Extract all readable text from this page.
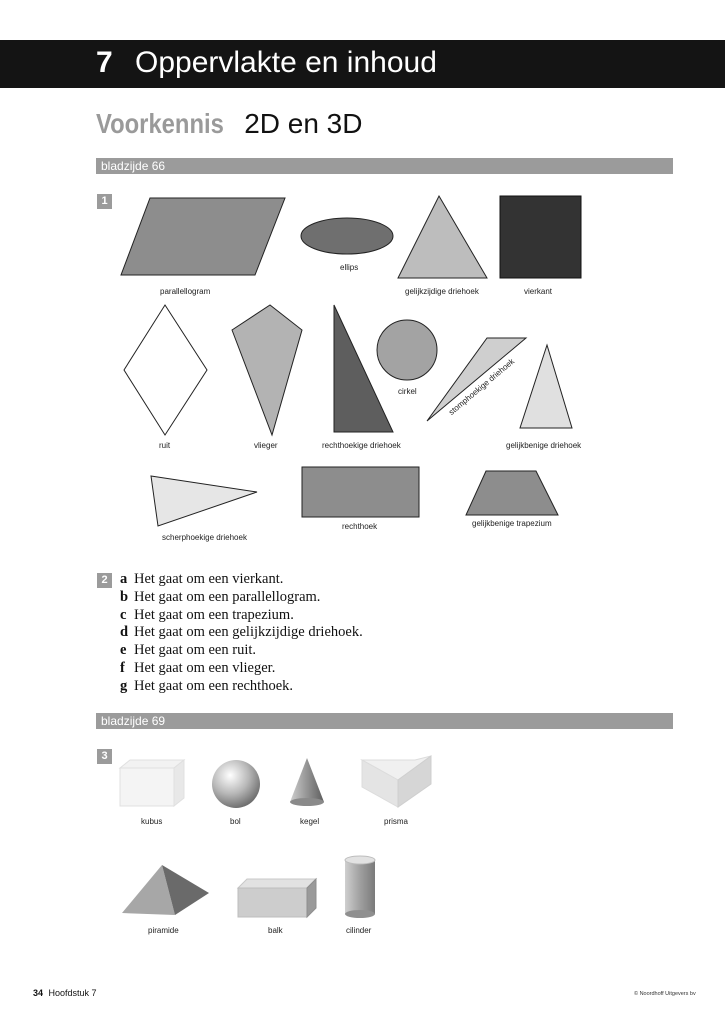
7 Oppervlakte en inhoud
Voorkennis 2D en 3D
bladzijde 66
1
parallellogram
ellips
gelijkzijdige driehoek	vierkant
ruit	vlieger	rechthoekige driehoek
cirkel	stomphoekige driehoek
gelijkbenige driehoek
scherphoekige driehoek
rechthoek	gelijkbenige trapezium
2 a Het gaat om een vierkant.
b Het gaat om een parallellogram.
c Het gaat om een trapezium.
d Het gaat om een gelijkzijdige driehoek.
e Het gaat om een ruit.
f Het gaat om een vlieger.
g Het gaat om een rechthoek.
bladzijde 69
3
kubus	bol	kegel	prisma
piramide	balk	cilinder
34 Hoofdstuk 7	© Noordhoff Uitgevers bv
